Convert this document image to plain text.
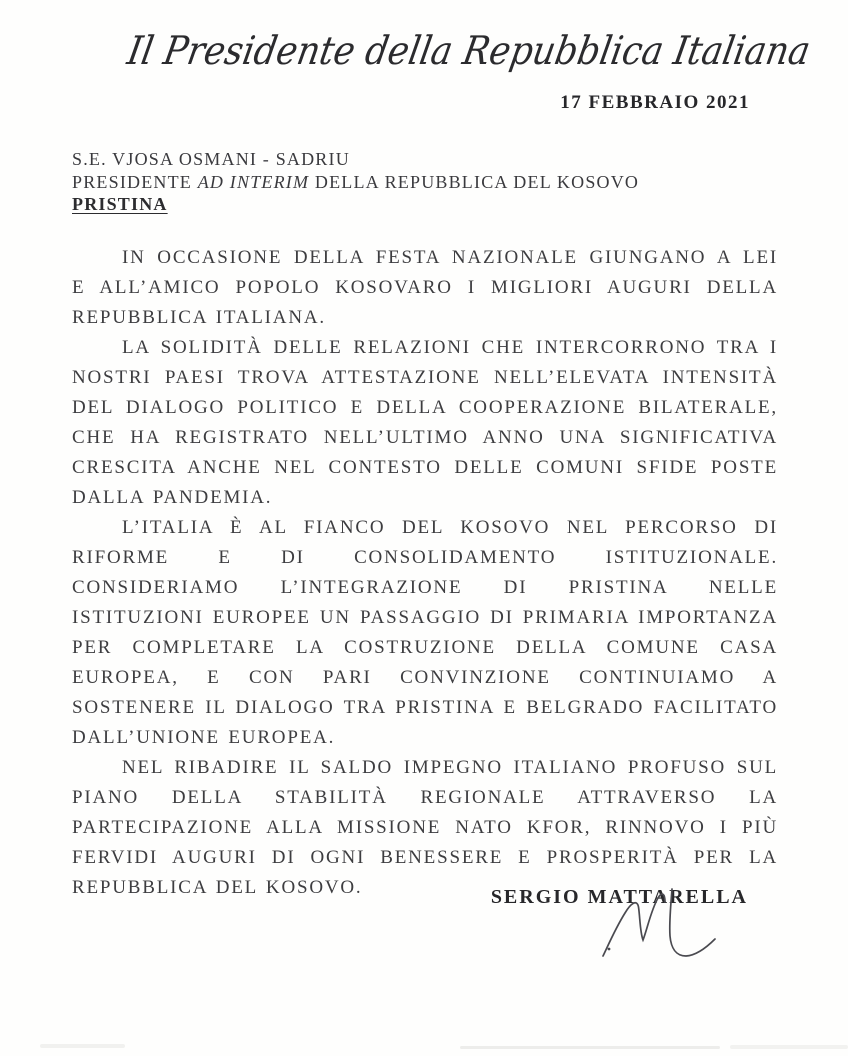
Il Presidente della Repubblica Italiana
17 FEBBRAIO 2021
S.E. VJOSA OSMANI - SADRIU
PRESIDENTE AD INTERIM DELLA REPUBBLICA DEL KOSOVO
PRISTINA

IN OCCASIONE DELLA FESTA NAZIONALE GIUNGANO A LEI E ALL’AMICO POPOLO KOSOVARO I MIGLIORI AUGURI DELLA REPUBBLICA ITALIANA.

LA SOLIDITÀ DELLE RELAZIONI CHE INTERCORRONO TRA I NOSTRI PAESI TROVA ATTESTAZIONE NELL’ELEVATA INTENSITÀ DEL DIALOGO POLITICO E DELLA COOPERAZIONE BILATERALE, CHE HA REGISTRATO NELL’ULTIMO ANNO UNA SIGNIFICATIVA CRESCITA ANCHE NEL CONTESTO DELLE COMUNI SFIDE POSTE DALLA PANDEMIA.

L’ITALIA È AL FIANCO DEL KOSOVO NEL PERCORSO DI RIFORME E DI CONSOLIDAMENTO ISTITUZIONALE. CONSIDERIAMO L’INTEGRAZIONE DI PRISTINA NELLE ISTITUZIONI EUROPEE UN PASSAGGIO DI PRIMARIA IMPORTANZA PER COMPLETARE LA COSTRUZIONE DELLA COMUNE CASA EUROPEA, E CON PARI CONVINZIONE CONTINUIAMO A SOSTENERE IL DIALOGO TRA PRISTINA E BELGRADO FACILITATO DALL’UNIONE EUROPEA.

NEL RIBADIRE IL SALDO IMPEGNO ITALIANO PROFUSO SUL PIANO DELLA STABILITÀ REGIONALE ATTRAVERSO LA PARTECIPAZIONE ALLA MISSIONE NATO KFOR, RINNOVO I PIÙ FERVIDI AUGURI DI OGNI BENESSERE E PROSPERITÀ PER LA REPUBBLICA DEL KOSOVO.	SERGIO MATTARELLA
